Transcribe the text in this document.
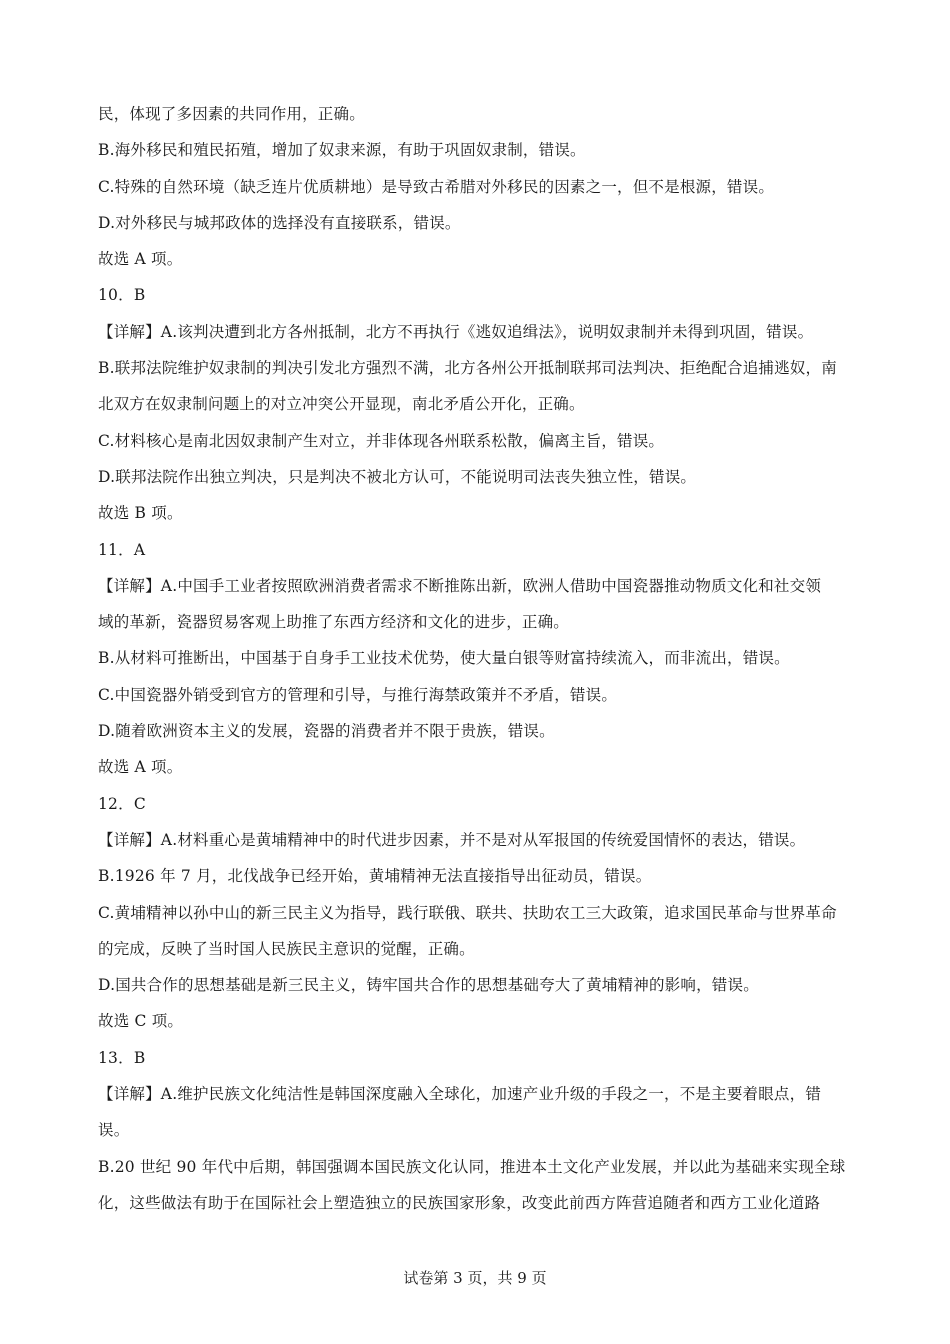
民，体现了多因素的共同作用，正确。
B.海外移民和殖民拓殖，增加了奴隶来源，有助于巩固奴隶制，错误。
C.特殊的自然环境（缺乏连片优质耕地）是导致古希腊对外移民的因素之一，但不是根源，错误。
D.对外移民与城邦政体的选择没有直接联系，错误。
故选 A 项。
10．B
【详解】A.该判决遭到北方各州抵制，北方不再执行《逃奴追缉法》，说明奴隶制并未得到巩固，错误。
B.联邦法院维护奴隶制的判决引发北方强烈不满，北方各州公开抵制联邦司法判决、拒绝配合追捕逃奴，南
北双方在奴隶制问题上的对立冲突公开显现，南北矛盾公开化，正确。
C.材料核心是南北因奴隶制产生对立，并非体现各州联系松散，偏离主旨，错误。
D.联邦法院作出独立判决，只是判决不被北方认可，不能说明司法丧失独立性，错误。
故选 B 项。
11．A
【详解】A.中国手工业者按照欧洲消费者需求不断推陈出新，欧洲人借助中国瓷器推动物质文化和社交领
域的革新，瓷器贸易客观上助推了东西方经济和文化的进步，正确。
B.从材料可推断出，中国基于自身手工业技术优势，使大量白银等财富持续流入，而非流出，错误。
C.中国瓷器外销受到官方的管理和引导，与推行海禁政策并不矛盾，错误。
D.随着欧洲资本主义的发展，瓷器的消费者并不限于贵族，错误。
故选 A 项。
12．C
【详解】A.材料重心是黄埔精神中的时代进步因素，并不是对从军报国的传统爱国情怀的表达，错误。
B.1926 年 7 月，北伐战争已经开始，黄埔精神无法直接指导出征动员，错误。
C.黄埔精神以孙中山的新三民主义为指导，践行联俄、联共、扶助农工三大政策，追求国民革命与世界革命
的完成，反映了当时国人民族民主意识的觉醒，正确。
D.国共合作的思想基础是新三民主义，铸牢国共合作的思想基础夸大了黄埔精神的影响，错误。
故选 C 项。
13．B
【详解】A.维护民族文化纯洁性是韩国深度融入全球化，加速产业升级的手段之一，不是主要着眼点，错
误。
B.20 世纪 90 年代中后期，韩国强调本国民族文化认同，推进本土文化产业发展，并以此为基础来实现全球
化，这些做法有助于在国际社会上塑造独立的民族国家形象，改变此前西方阵营追随者和西方工业化道路
试卷第 3 页，共 9 页
